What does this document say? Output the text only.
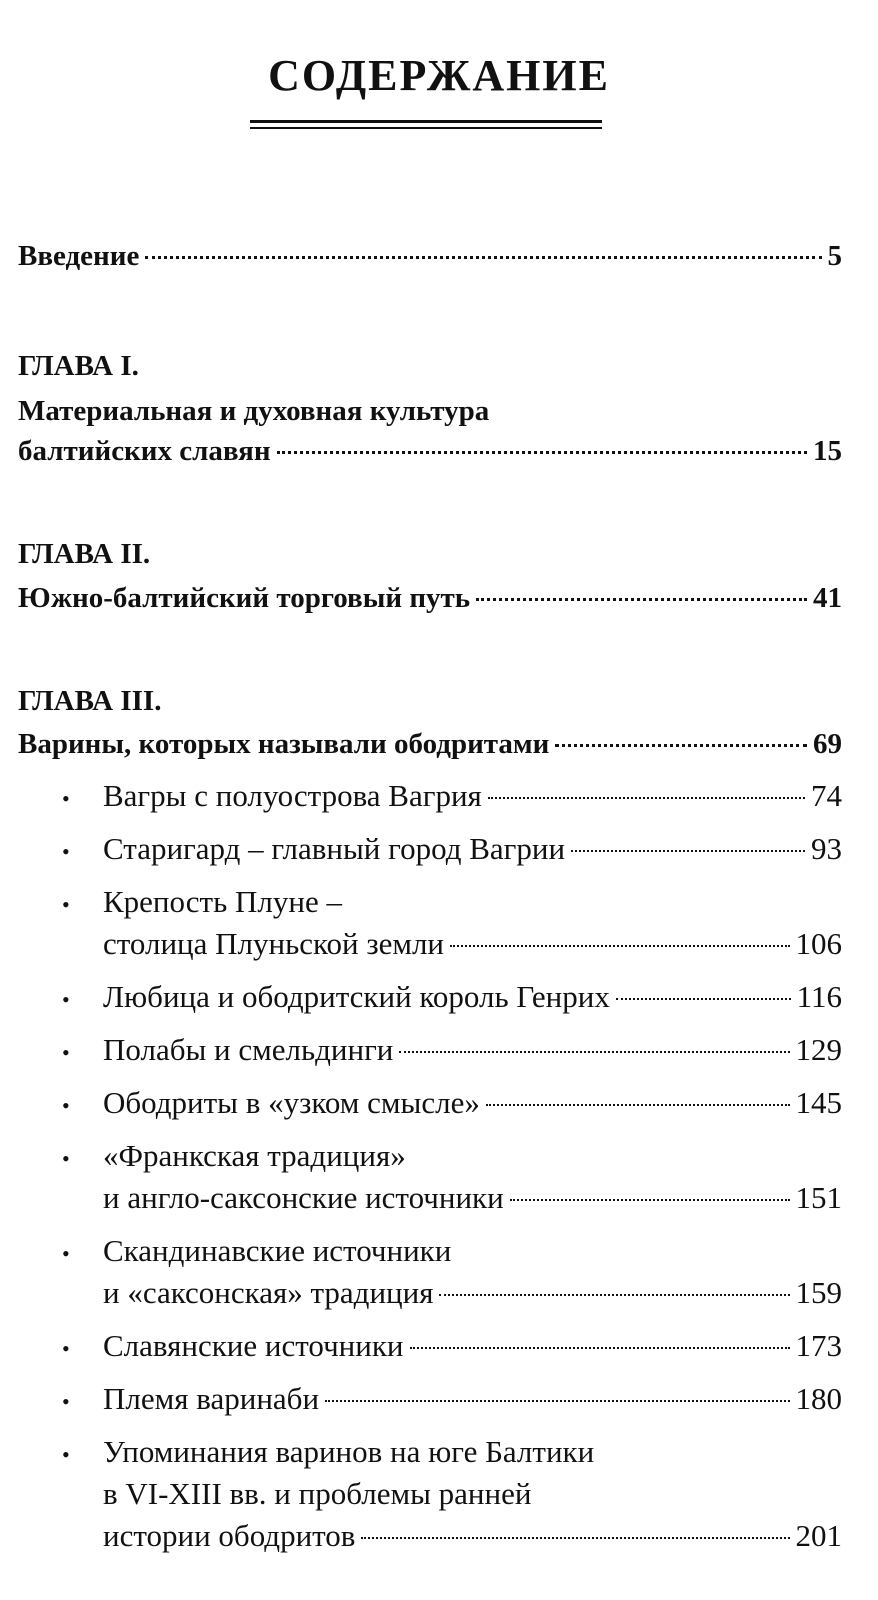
СОДЕРЖАНИЕ
Введение	5
ГЛАВА I.
Материальная и духовная культура
балтийских славян	15
ГЛАВА II.
Южно-балтийский торговый путь	41
ГЛАВА III.
Варины, которых называли ободритами	69
• Вагры с полуострова Вагрия	74
• Старигард – главный город Вагрии	93
• Крепость Плуне –
столица Плуньской земли	106
• Любица и ободритский король Генрих	116
• Полабы и смельдинги	129
• Ободриты в «узком смысле»	145
• «Франкская традиция»
и англо-саксонские источники	151
• Скандинавские источники
и «саксонская» традиция	159
• Славянские источники	173
• Племя варинаби	180
• Упоминания варинов на юге Балтики
в VI-XIII вв. и проблемы ранней
истории ободритов	201
